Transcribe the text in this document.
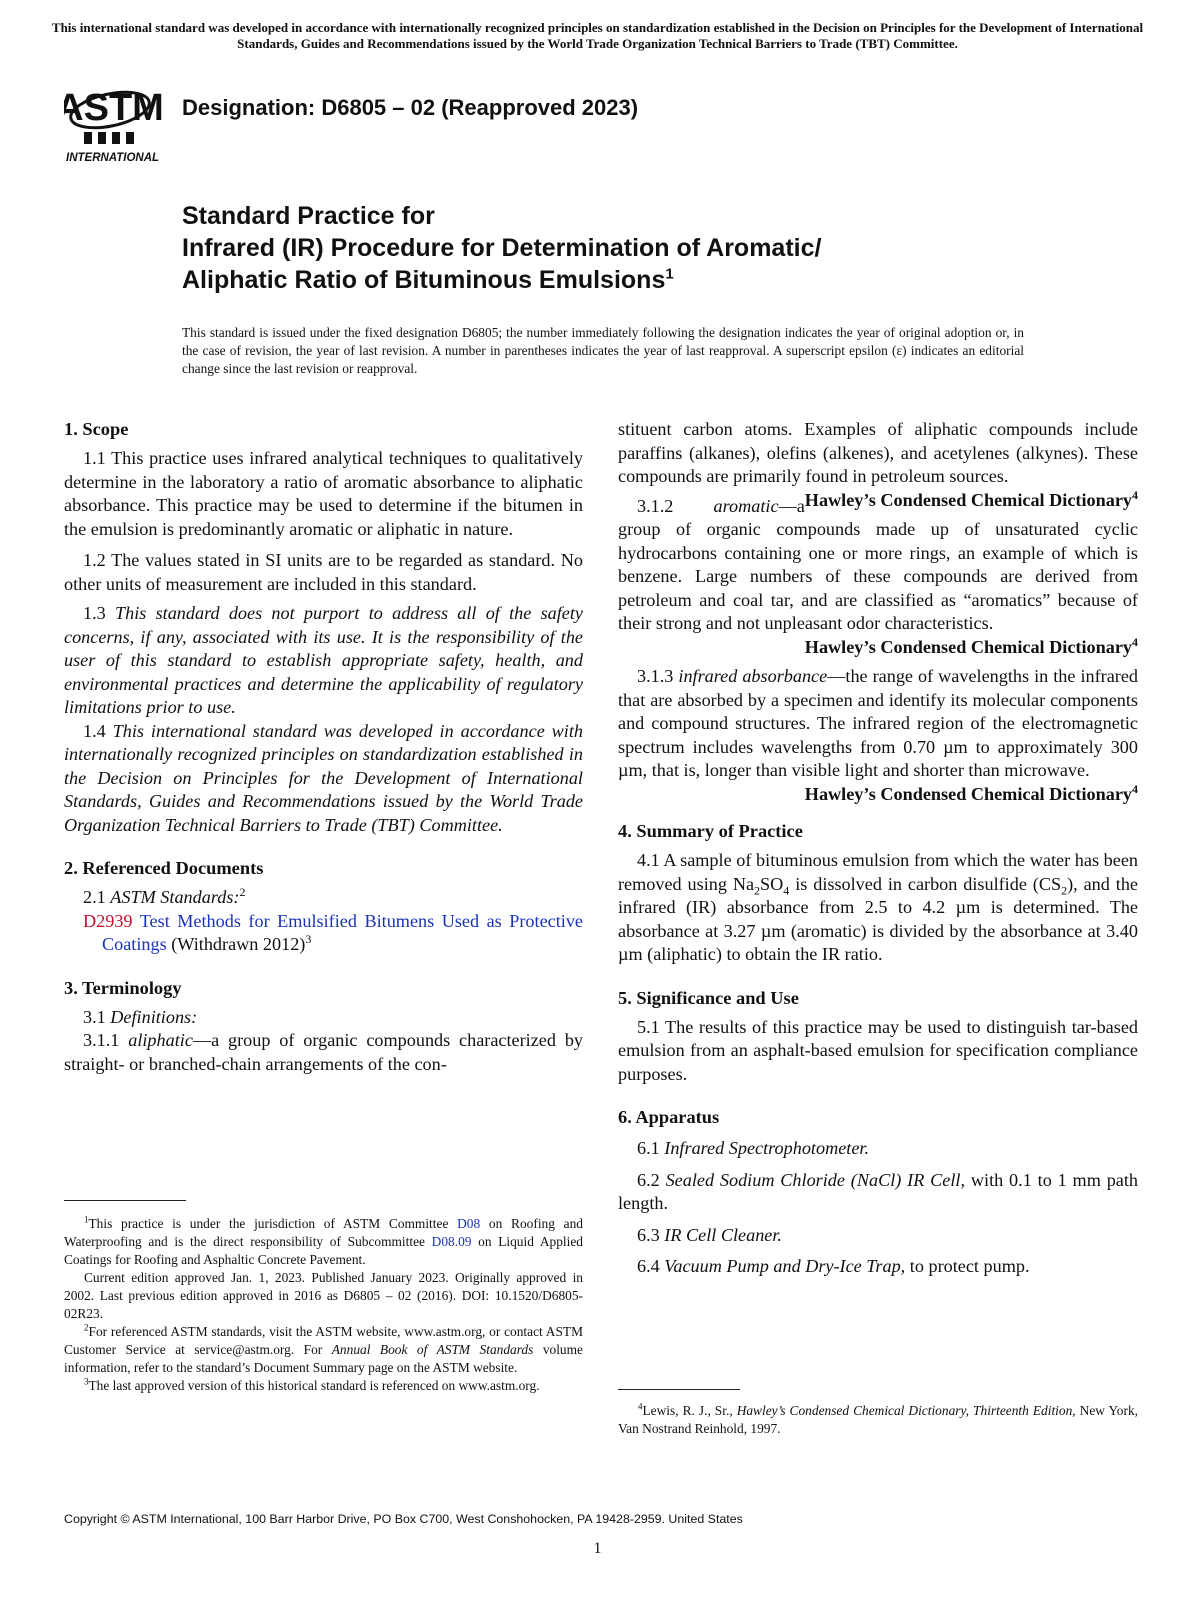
This international standard was developed in accordance with internationally recognized principles on standardization established in the Decision on Principles for the Development of International Standards, Guides and Recommendations issued by the World Trade Organization Technical Barriers to Trade (TBT) Committee.
ASTM
INTERNATIONAL
Designation: D6805 – 02 (Reapproved 2023)
Standard Practice for
Infrared (IR) Procedure for Determination of Aromatic/
Aliphatic Ratio of Bituminous Emulsions$^1$
This standard is issued under the fixed designation D6805; the number immediately following the designation indicates the year of original adoption or, in the case of revision, the year of last revision. A number in parentheses indicates the year of last reapproval. A superscript epsilon (ε) indicates an editorial change since the last revision or reapproval.
1. Scope

1.1 This practice uses infrared analytical techniques to qualitatively determine in the laboratory a ratio of aromatic absorbance to aliphatic absorbance. This practice may be used to determine if the bitumen in the emulsion is predominantly aromatic or aliphatic in nature.

1.2 The values stated in SI units are to be regarded as standard. No other units of measurement are included in this standard.

1.3 This standard does not purport to address all of the safety concerns, if any, associated with its use. It is the responsibility of the user of this standard to establish appropriate safety, health, and environmental practices and determine the applicability of regulatory limitations prior to use.

1.4 This international standard was developed in accordance with internationally recognized principles on standardization established in the Decision on Principles for the Development of International Standards, Guides and Recommendations issued by the World Trade Organization Technical Barriers to Trade (TBT) Committee.

2. Referenced Documents

2.1 ASTM Standards:$^2$

D2939 Test Methods for Emulsified Bitumens Used as Protective Coatings (Withdrawn 2012)$^3$

3. Terminology

3.1 Definitions:

3.1.1 aliphatic—a group of organic compounds characterized by straight- or branched-chain arrangements of the con-

stituent carbon atoms. Examples of aliphatic compounds include paraffins (alkanes), olefins (alkenes), and acetylenes (alkynes). These compounds are primarily found in petroleum sources.
Hawley’s Condensed Chemical Dictionary$^4$

3.1.2 aromatic—a group of organic compounds made up of unsaturated cyclic hydrocarbons containing one or more rings, an example of which is benzene. Large numbers of these compounds are derived from petroleum and coal tar, and are classified as “aromatics” because of their strong and not unpleasant odor characteristics.

Hawley’s Condensed Chemical Dictionary$^4$

3.1.3 infrared absorbance—the range of wavelengths in the infrared that are absorbed by a specimen and identify its molecular components and compound structures. The infrared region of the electromagnetic spectrum includes wavelengths from 0.70 µm to approximately 300 µm, that is, longer than visible light and shorter than microwave.

Hawley’s Condensed Chemical Dictionary$^4$

4. Summary of Practice

4.1 A sample of bituminous emulsion from which the water has been removed using $Na_2SO_4$ is dissolved in carbon disulfide $(CS_2)$, and the infrared (IR) absorbance from 2.5 to 4.2 µm is determined. The absorbance at 3.27 µm (aromatic) is divided by the absorbance at 3.40 µm (aliphatic) to obtain the IR ratio.

5. Significance and Use

5.1 The results of this practice may be used to distinguish tar-based emulsion from an asphalt-based emulsion for specification compliance purposes.

6. Apparatus

6.1 Infrared Spectrophotometer.

6.2 Sealed Sodium Chloride (NaCl) IR Cell, with 0.1 to 1 mm path length.

6.3 IR Cell Cleaner.

6.4 Vacuum Pump and Dry-Ice Trap, to protect pump.

$^1$This practice is under the jurisdiction of ASTM Committee D08 on Roofing and Waterproofing and is the direct responsibility of Subcommittee D08.09 on Liquid Applied Coatings for Roofing and Asphaltic Concrete Pavement.

Current edition approved Jan. 1, 2023. Published January 2023. Originally approved in 2002. Last previous edition approved in 2016 as D6805 – 02 (2016). DOI: 10.1520/D6805-02R23.

$^2$For referenced ASTM standards, visit the ASTM website, www.astm.org, or contact ASTM Customer Service at service@astm.org. For Annual Book of ASTM Standards volume information, refer to the standard’s Document Summary page on the ASTM website.

$^3$The last approved version of this historical standard is referenced on www.astm.org.

$^4$Lewis, R. J., Sr., Hawley’s Condensed Chemical Dictionary, Thirteenth Edition, New York, Van Nostrand Reinhold, 1997.

Copyright © ASTM International, 100 Barr Harbor Drive, PO Box C700, West Conshohocken, PA 19428-2959. United States
1
